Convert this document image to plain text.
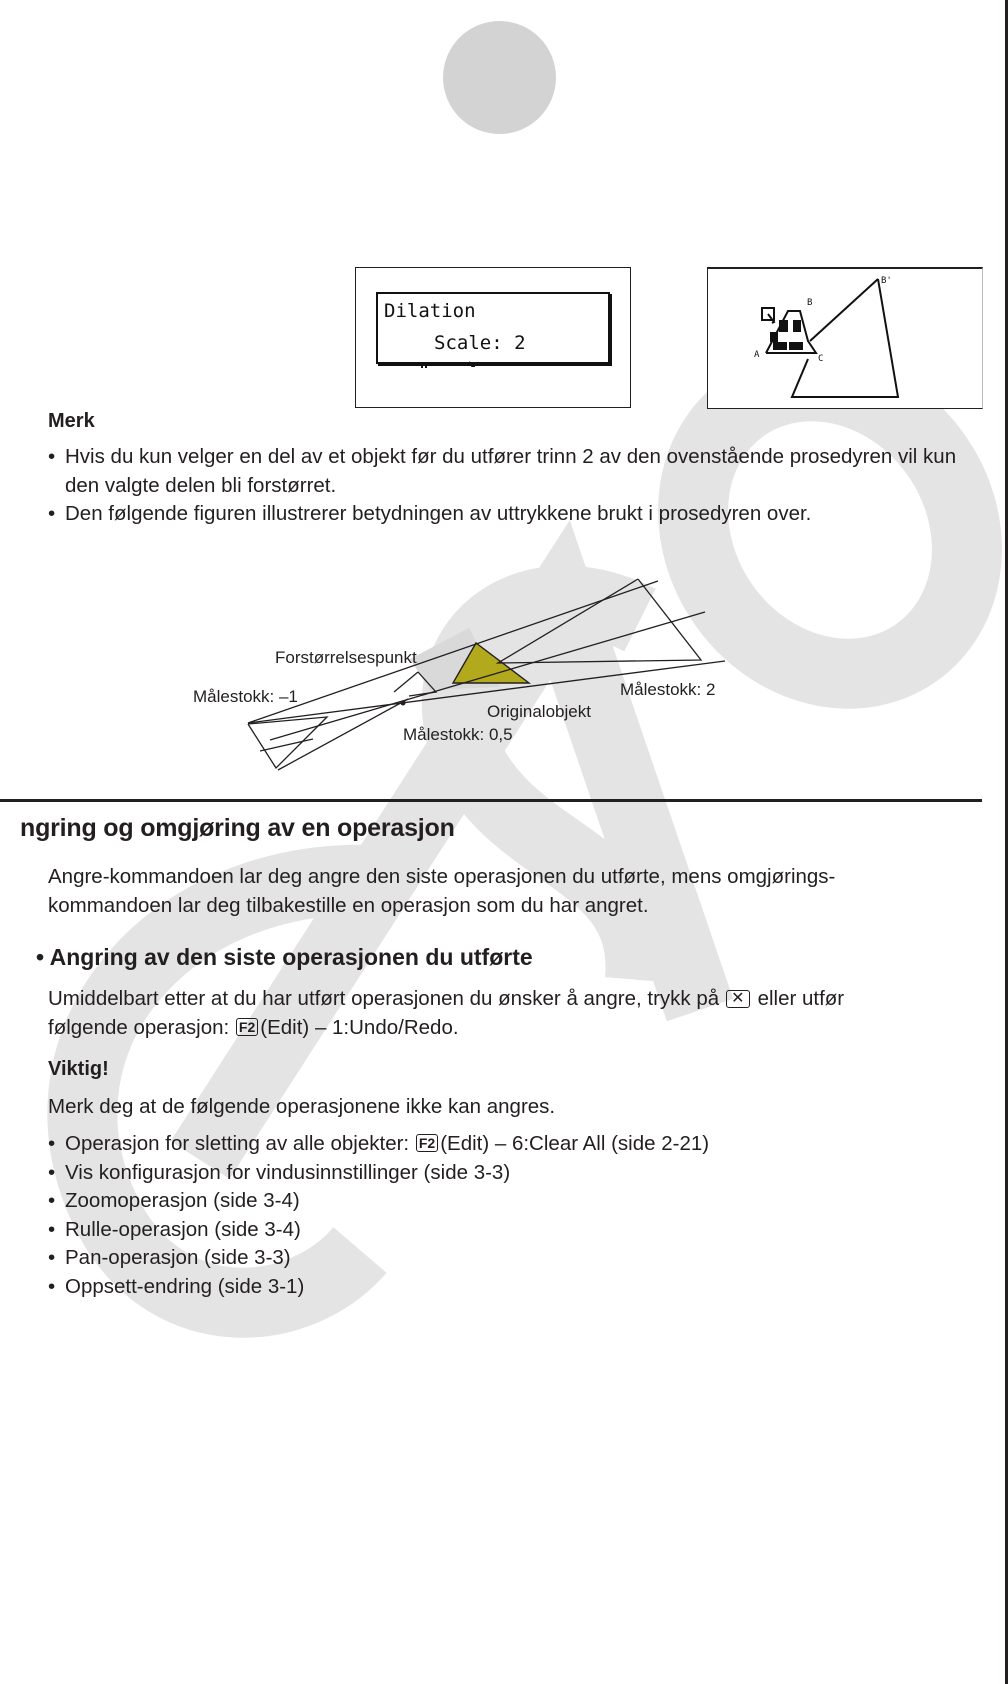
Dilation
Scale: 2
B'
B
A	C
Merk
• Hvis du kun velger en del av et objekt før du utfører trinn 2 av den ovenstående prosedyren vil kun den valgte delen bli forstørret.
• Den følgende figuren illustrerer betydningen av uttrykkene brukt i prosedyren over.
Forstørrelsespunkt
Målestokk: –1	Målestokk: 2
Originalobjekt
Målestokk: 0,5
ngring og omgjøring av en operasjon
Angre-kommandoen lar deg angre den siste operasjonen du utførte, mens omgjørings-
kommandoen lar deg tilbakestille en operasjon som du har angret.
• Angring av den siste operasjonen du utførte
Umiddelbart etter at du har utført operasjonen du ønsker å angre, trykk på ✕ eller utfør
følgende operasjon: F2 (Edit) – 1:Undo/Redo.
Viktig!
Merk deg at de følgende operasjonene ikke kan angres.
• Operasjon for sletting av alle objekter: F2 (Edit) – 6:Clear All (side 2-21)
• Vis konfigurasjon for vindusinnstillinger (side 3-3)
• Zoomoperasjon (side 3-4)
• Rulle-operasjon (side 3-4)
• Pan-operasjon (side 3-3)
• Oppsett-endring (side 3-1)
